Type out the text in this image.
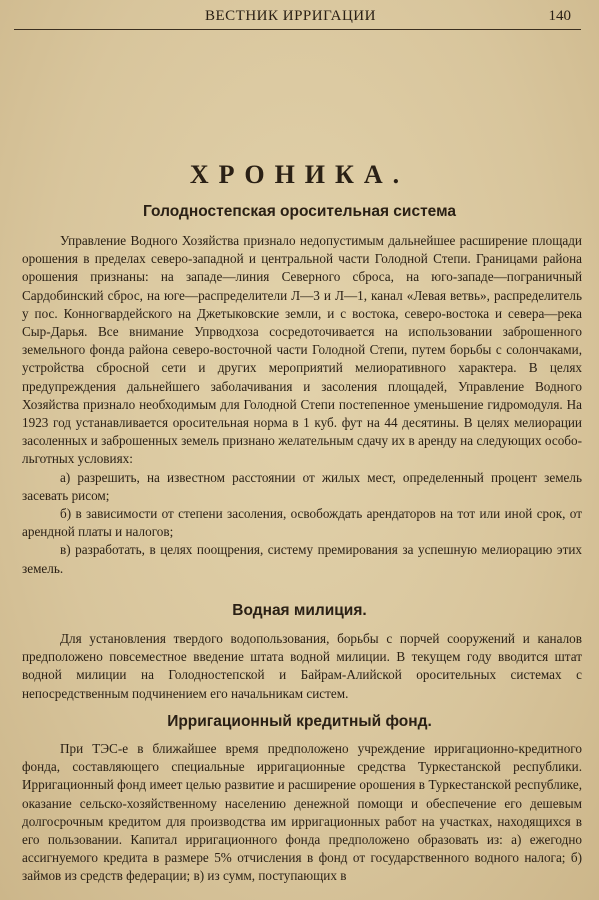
ВЕСТНИК ИРРИГАЦИИ	140
ХРОНИКА.
Голодностепская оросительная система

Управление Водного Хозяйства признало недопустимым дальнейшее расширение площади орошения в пределах северо-западной и центральной части Голодной Степи. Границами района орошения признаны: на западе—линия Северного сброса, на юго-западе—пограничный Сардобинский сброс, на юге—распределители Л—3 и Л—1, канал «Левая ветвь», распределитель у пос. Конногвардейского на Джетыковские земли, и с востока, северо-востока и севера—река Сыр-Дарья. Все внимание Упрводхоза сосредоточивается на использовании заброшенного земельного фонда района северо-восточной части Голодной Степи, путем борьбы с солончаками, устройства сбросной сети и других мероприятий мелиоративного характера. В целях предупреждения дальнейшего заболачивания и засоления площадей, Управление Водного Хозяйства признало необходимым для Голодной Степи постепенное уменьшение гидромодуля. На 1923 год устанавливается оросительная норма в 1 куб. фут на 44 десятины. В целях мелиорации засоленных и заброшенных земель признано желательным сдачу их в аренду на следующих особо-льготных условиях:

а) разрешить, на известном расстоянии от жилых мест, определенный процент земель засевать рисом;

б) в зависимости от степени засоления, освобождать арендаторов на тот или иной срок, от арендной платы и налогов;

в) разработать, в целях поощрения, систему премирования за успешную мелиорацию этих земель.

Водная милиция.

Для установления твердого водопользования, борьбы с порчей сооружений и каналов предположено повсеместное введение штата водной милиции. В текущем году вводится штат водной милиции на Голодностепской и Байрам-Алийской оросительных системах с непосредственным подчинением его начальникам систем.

Ирригационный кредитный фонд.

При ТЭС-е в ближайшее время предположено учреждение ирригационно-кредитного фонда, составляющего специальные ирригационные средства Туркестанской республики. Ирригационный фонд имеет целью развитие и расширение орошения в Туркестанской республике, оказание сельско-хозяйственному населению денежной помощи и обеспечение его дешевым долгосрочным кредитом для производства им ирригационных работ на участках, находящихся в его пользовании. Капитал ирригационного фонда предположено образовать из: а) ежегодно ассигнуемого кредита в размере 5% отчисления в фонд от государственного водного налога; б) займов из средств федерации; в) из сумм, поступающих в
